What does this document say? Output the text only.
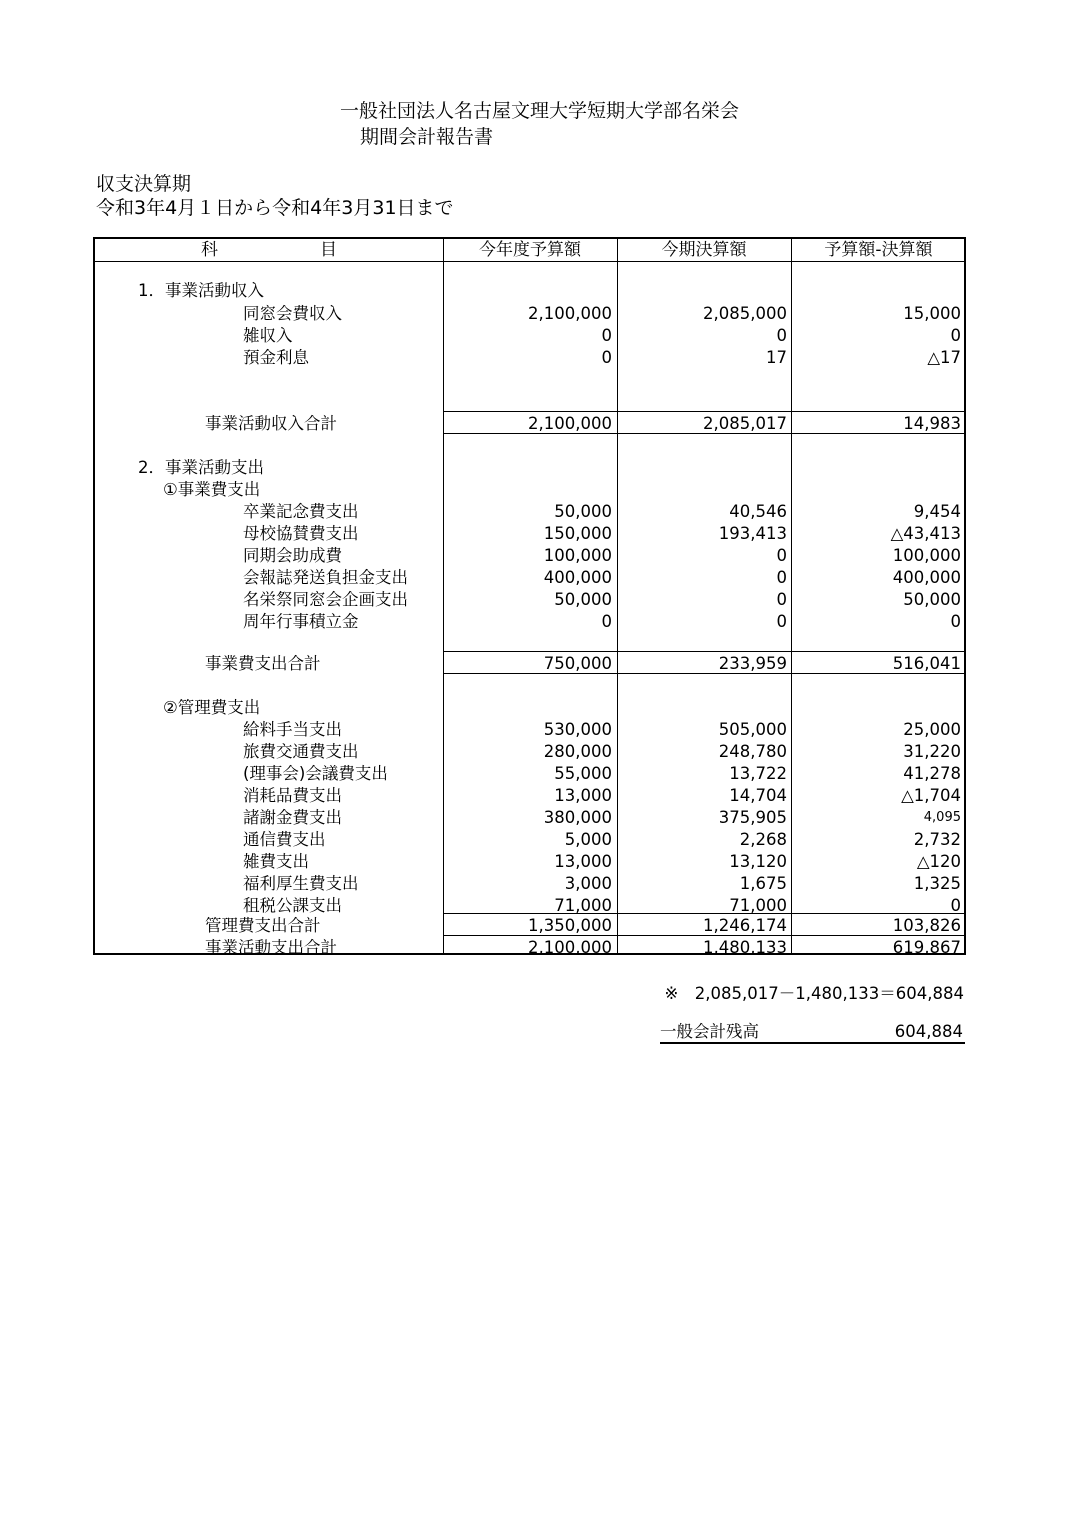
一般社団法人名古屋文理大学短期大学部名栄会
期間会計報告書
収支決算期
令和3年4月１日から令和4年3月31日まで
科　　　　　　目	今年度予算額	今期決算額	予算額-決算額
1．事業活動収入
同窓会費収入	2,100,000	2,085,000	15,000
雑収入	0	0	0
預金利息	0	17	△17
事業活動収入合計	2,100,000	2,085,017	14,983
2．事業活動支出
①事業費支出
卒業記念費支出	50,000	40,546	9,454
母校協賛費支出	150,000	193,413	△43,413
同期会助成費	100,000	0	100,000
会報誌発送負担金支出	400,000	0	400,000
名栄祭同窓会企画支出	50,000	0	50,000
周年行事積立金	0	0	0
事業費支出合計	750,000	233,959	516,041
②管理費支出
給料手当支出	530,000	505,000	25,000
旅費交通費支出	280,000	248,780	31,220
(理事会)会議費支出	55,000	13,722	41,278
消耗品費支出	13,000	14,704	△1,704
諸謝金費支出	380,000	375,905	4,095
通信費支出	5,000	2,268	2,732
雑費支出	13,000	13,120	△120
福利厚生費支出	3,000	1,675	1,325
租税公課支出	71,000	71,000	0
管理費支出合計	1,350,000	1,246,174	103,826
事業活動支出合計	2,100,000	1,480,133	619,867
※　2,085,017－1,480,133＝604,884
一般会計残高	604,884
